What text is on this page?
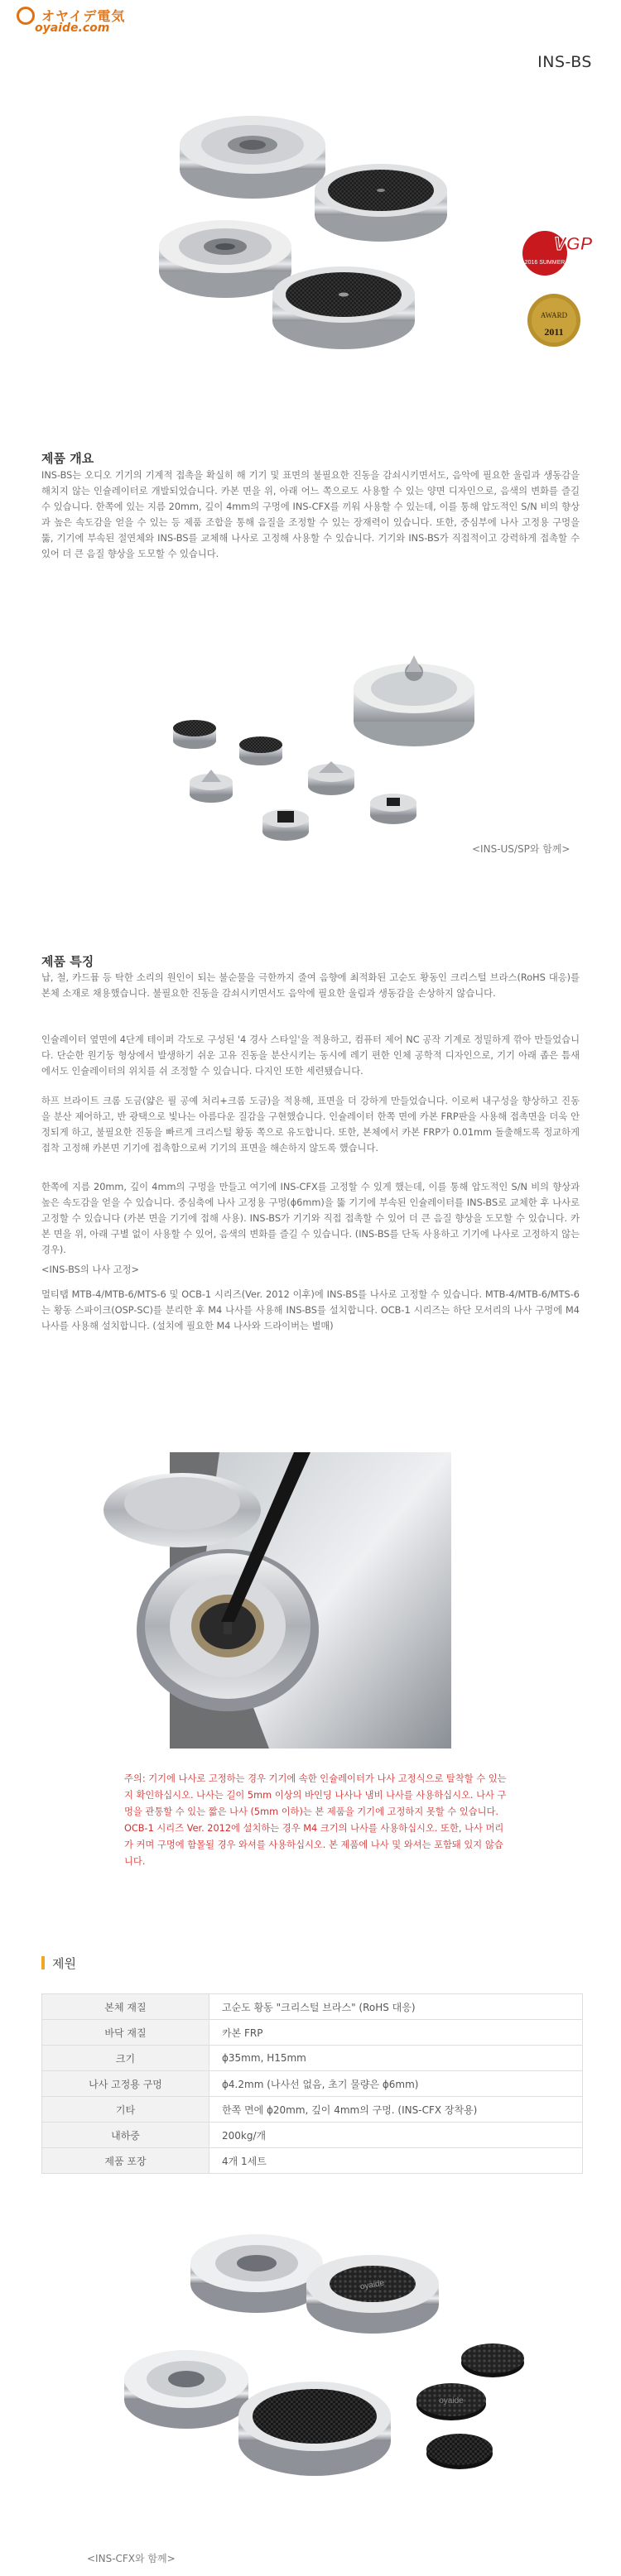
オヤイデ電気
oyaide.com
INS-BS
VGP
2016 SUMMER
AWARD
2011
제품 개요
INS-BS는 오디오 기기의 기계적 접촉을 확실히 해 기기 및 표면의 불필요한 진동을 감쇠시키면서도, 음악에 필요한 울림과 생동감을 해치지 않는 인슐레이터로 개발되었습니다. 카본 면을 위, 아래 어느 쪽으로도 사용할 수 있는 양면 디자인으로, 음색의 변화를 즐길 수 있습니다. 한쪽에 있는 지름 20mm, 깊이 4mm의 구멍에 INS-CFX를 끼워 사용할 수 있는데, 이를 통해 압도적인 S/N 비의 향상과 높은 속도감을 얻을 수 있는 등 제품 조합을 통해 음질을 조정할 수 있는 장재력이 있습니다. 또한, 중심부에 나사 고정용 구멍을 뚫, 기기에 부속된 절연체와 INS-BS를 교체해 나사로 고정해 사용할 수 있습니다. 기기와 INS-BS가 직접적이고 강력하게 접촉할 수 있어 더 큰 음질 향상을 도모할 수 있습니다.
<INS-US/SP와 함께>
제품 특징
납, 철, 카드뮴 등 탁한 소리의 원인이 되는 불순물을 극한까지 줄여 음향에 최적화된 고순도 황동인 크리스털 브라스(RoHS 대응)를 본체 소재로 채용했습니다. 불필요한 진동을 감쇠시키면서도 음악에 필요한 울림과 생동감을 손상하지 않습니다.
인슐레이터 옆면에 4단계 테이퍼 각도로 구성된 '4 경사 스타일'을 적용하고, 컴퓨터 제어 NC 공작 기계로 정밀하게 깎아 만들었습니다. 단순한 원기둥 형상에서 발생하기 쉬운 고유 진동을 분산시키는 동시에 레기 편한 인체 공학적 디자인으로, 기기 아래 좁은 틈새에서도 인슐레이터의 위치를 쉬 조정할 수 있습니다. 다지인 또한 세련됐습니다.
하프 브라이트 크롬 도금(얇은 필 공예 처리+크롬 도금)을 적용해, 표면을 더 강하게 만들었습니다. 이로써 내구성을 향상하고 진동을 분산 제어하고, 반 광택으로 빛나는 아름다운 질감을 구현했습니다. 인슐레이터 한쪽 면에 카본 FRP판을 사용해 접촉면을 더욱 안정되게 하고, 불필요한 진동을 빠르게 크리스털 황동 쪽으로 유도합니다. 또한, 본체에서 카본 FRP가 0.01mm 돌출해도록 정교하게 접착 고정해 카본면 기기에 접촉함으로써 기기의 표면을 해손하지 않도록 했습니다.
한쪽에 지름 20mm, 깊이 4mm의 구멍을 만들고 여기에 INS-CFX를 고정할 수 있게 했는데, 이를 통해 압도적인 S/N 비의 향상과 높은 속도감을 얻을 수 있습니다. 중심축에 나사 고정용 구멍(ϕ6mm)을 뚫 기기에 부속된 인슐레이터를 INS-BS로 교체한 후 나사로 고정할 수 있습니다 (카본 면을 기기에 접해 사용). INS-BS가 기기와 직접 접촉할 수 있어 더 큰 음질 향상을 도모할 수 있습니다. 카본 면을 위, 아래 구별 없이 사용할 수 있어, 음색의 변화를 즐길 수 있습니다. (INS-BS를 단독 사용하고 기기에 나사로 고정하지 않는 경우).
<INS-BS의 나사 고정>
멀티탭 MTB-4/MTB-6/MTS-6 및 OCB-1 시리즈(Ver. 2012 이후)에 INS-BS를 나사로 고정할 수 있습니다. MTB-4/MTB-6/MTS-6는 황동 스파이크(OSP-SC)를 분리한 후 M4 나사를 사용해 INS-BS를 설치합니다. OCB-1 시리즈는 하단 모서리의 나사 구멍에 M4 나사를 사용해 설치합니다. (설치에 필요한 M4 나사와 드라이버는 별매)
주의: 기기에 나사로 고정하는 경우 기기에 속한 인슐레이터가 나사 고정식으로 탈착할 수 있는지 확인하십시오. 나사는 길이 5mm 이상의 바인딩 나사나 냄비 나사를 사용하십시오. 나사 구멍을 관통할 수 있는 짧은 나사 (5mm 이하)는 본 제품을 기기에 고정하지 못할 수 있습니다. OCB-1 시리즈 Ver. 2012에 설치하는 경우 M4 크기의 나사를 사용하십시오. 또한, 나사 머리가 커며 구멍에 함몰될 경우 와셔를 사용하십시오. 본 제품에 나사 및 와셔는 포함돼 있지 않습니다.
제원
본체 재질	고순도 황동 "크리스털 브라스" (RoHS 대응)
바닥 재질	카본 FRP
크기	ϕ35mm, H15mm
나사 고정용 구멍	ϕ4.2mm (나사선 없음, 초기 물량은 ϕ6mm)
기타	한쪽 면에 ϕ20mm, 깊이 4mm의 구멍. (INS-CFX 장착용)
내하중	200kg/개
제품 포장	4개 1세트
oyaide
oyaide
<INS-CFX와 함께>
